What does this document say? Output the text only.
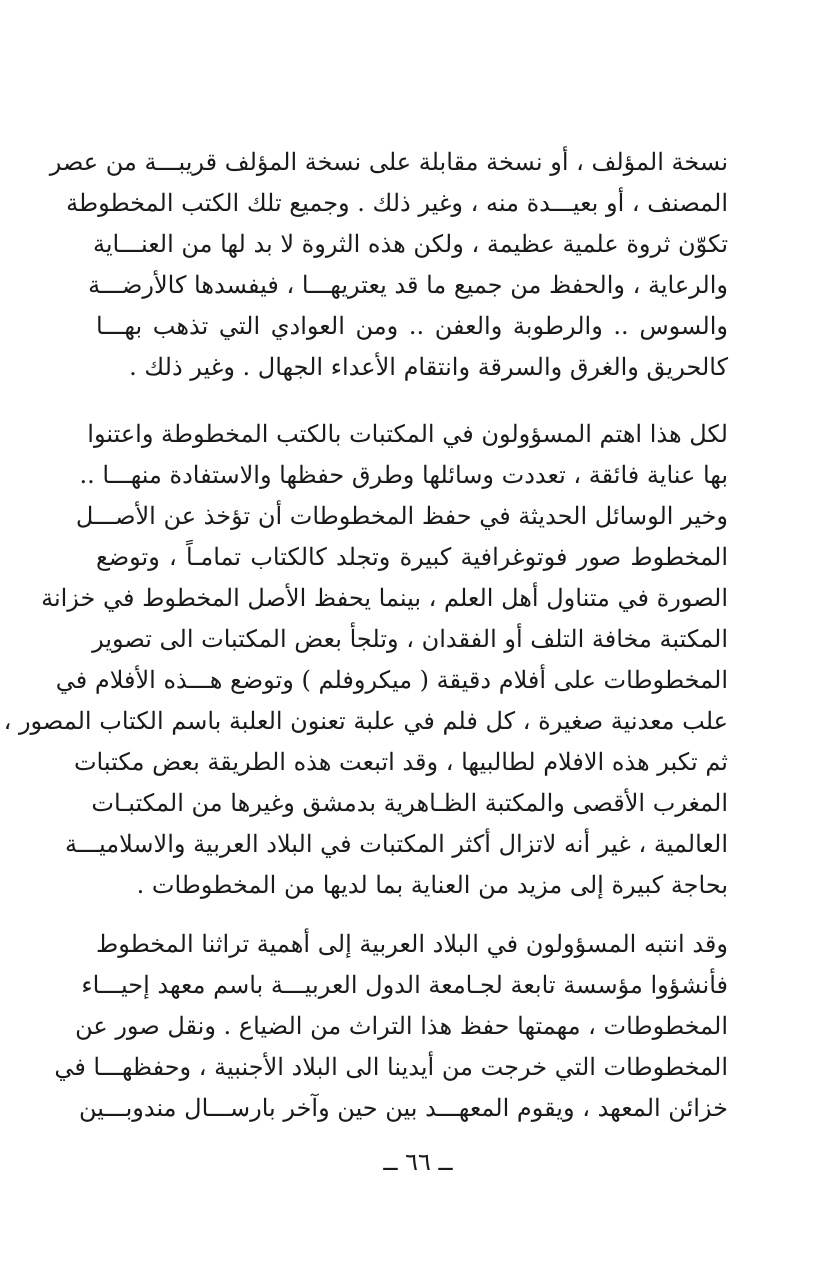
نسخة المؤلف ، أو نسخة مقابلة على نسخة المؤلف قريبـــة من عصر
المصنف ، أو بعيـــدة منه ، وغير ذلك . وجميع تلك الكتب المخطوطة
تكوّن ثروة علمية عظيمة ، ولكن هذه الثروة لا بد لها من العنـــاية
والرعاية ، والحفظ من جميع ما قد يعتريهـــا ، فيفسدها كالأرضـــة
والسوس .. والرطوبة والعفن .. ومن العوادي التي تذهب بهـــا
كالحريق والغرق والسرقة وانتقام الأعداء الجهال . وغير ذلك .

لكل هذا اهتم المسؤولون في المكتبات بالكتب المخطوطة واعتنوا
بها عناية فائقة ، تعددت وسائلها وطرق حفظها والاستفادة منهـــا ..
وخير الوسائل الحديثة في حفظ المخطوطات أن تؤخذ عن الأصـــل
المخطوط صور فوتوغرافية كبيرة وتجلد كالكتاب تمامـاً ، وتوضع
الصورة في متناول أهل العلم ، بينما يحفظ الأصل المخطوط في خزانة
المكتبة مخافة التلف أو الفقدان ، وتلجأ بعض المكتبات الى تصوير
المخطوطات على أفلام دقيقة ( ميكروفلم ) وتوضع هـــذه الأفلام في
علب معدنية صغيرة ، كل فلم في علبة تعنون العلبة باسم الكتاب المصور ،
ثم تكبر هذه الافلام لطالبيها ، وقد اتبعت هذه الطريقة بعض مكتبات
المغرب الأقصى والمكتبة الظـاهرية بدمشق وغيرها من المكتبـات
العالمية ، غير أنه لاتزال أكثر المكتبات في البلاد العربية والاسلاميـــة
بحاجة كبيرة إلى مزيد من العناية بما لديها من المخطوطات .

وقد انتبه المسؤولون في البلاد العربية إلى أهمية تراثنا المخطوط
فأنشؤوا مؤسسة تابعة لجـامعة الدول العربيـــة باسم معهد إحيـــاء
المخطوطات ، مهمتها حفظ هذا التراث من الضياع . ونقل صور عن
المخطوطات التي خرجت من أيدينا الى البلاد الأجنبية ، وحفظهـــا في
خزائن المعهد ، ويقوم المعهـــد بين حين وآخر بارســـال مندوبـــين

ــ ٦٦ ــ
